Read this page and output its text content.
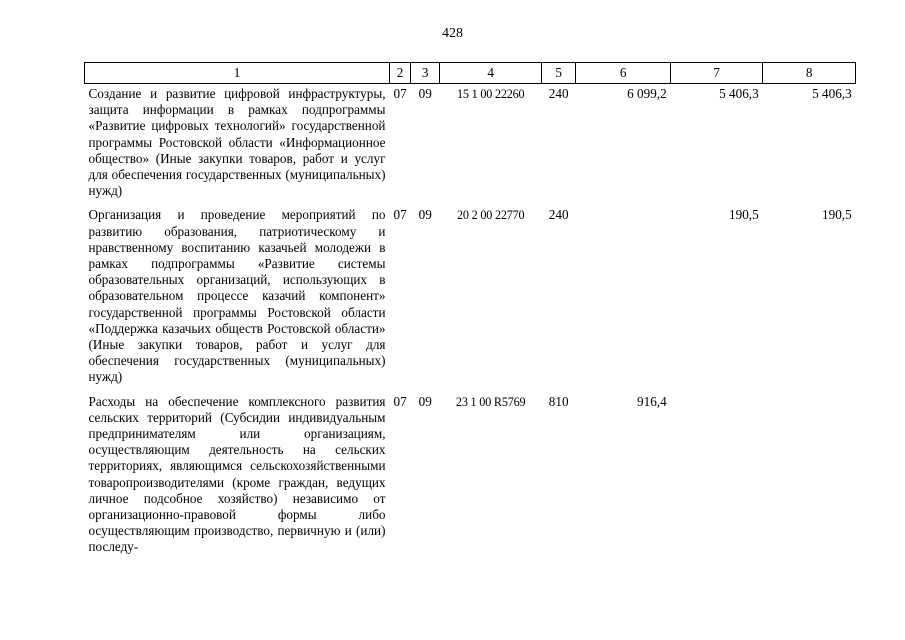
428
1	2	3	4	5	6	7	8
Создание и развитие цифровой инфраструктуры, защита информации в рамках подпрограммы «Развитие цифровых технологий» государственной программы Ростовской области «Информационное общество» (Иные закупки товаров, работ и услуг для обеспечения государственных (муниципальных) нужд)	07	09	15 1 00 22260	240	6 099,2	5 406,3	5 406,3
Организация и проведение мероприятий по развитию образования, патриотическому и нравственному воспитанию казачьей молодежи в рамках подпрограммы «Развитие системы образовательных организаций, использующих в образовательном процессе казачий компонент» государственной программы Ростовской области «Поддержка казачьих обществ Ростовской области» (Иные закупки товаров, работ и услуг для обеспечения государственных (муниципальных) нужд)	07	09	20 2 00 22770	240		190,5	190,5
Расходы на обеспечение комплексного развития сельских территорий (Субсидии индивидуальным предпринимателям или организациям, осуществляющим деятельность на сельских территориях, являющимся сельскохозяйственными товаропроизводителями (кроме граждан, ведущих личное подсобное хозяйство) независимо от организационно-правовой формы либо осуществляющим производство, первичную и (или) последу-	07	09	23 1 00 R5769	810	916,4		
